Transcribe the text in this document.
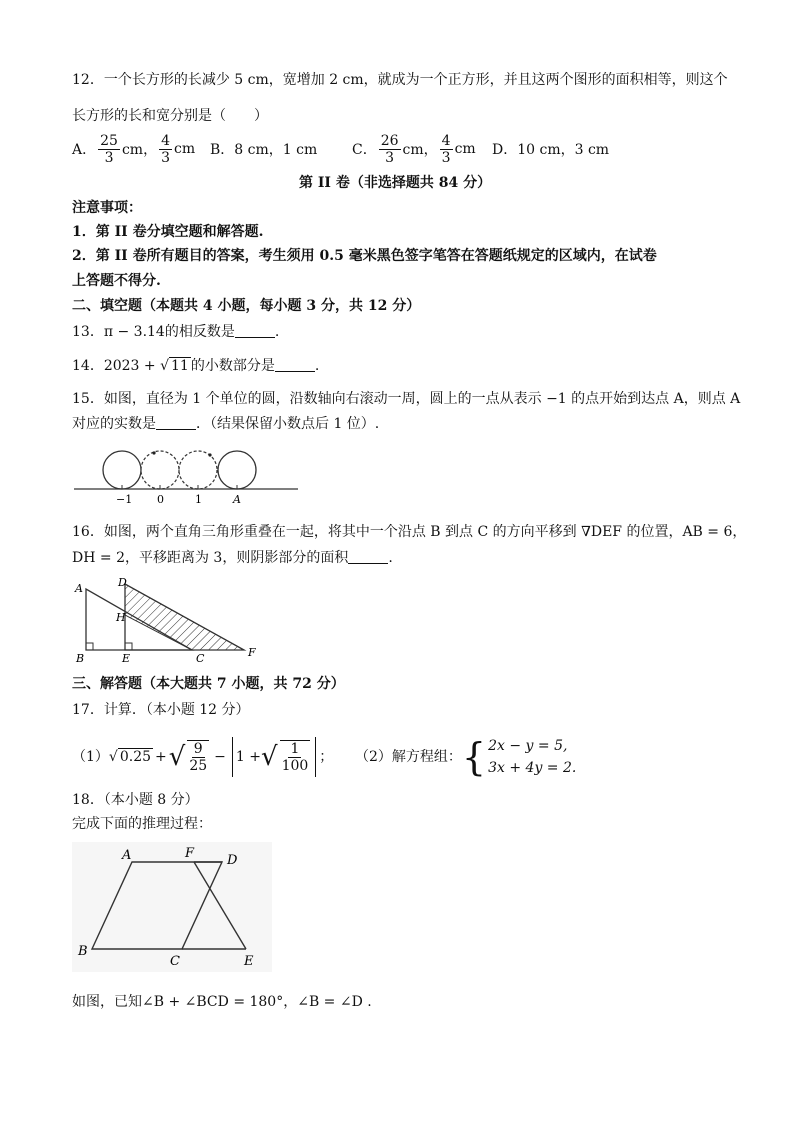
12．一个长方形的长减少 5 cm，宽增加 2 cm，就成为一个正方形，并且这两个图形的面积相等，则这个
长方形的长和宽分别是（　　）
A． $\frac{25}{3}$ cm， $\frac{4}{3}$ cm B．8 cm，1 cm C． $\frac{26}{3}$ cm， $\frac{4}{3}$ cm D．10 cm，3 cm
第 II 卷（非选择题共 84 分）
注意事项：
1．第 II 卷分填空题和解答题.
2．第 II 卷所有题目的答案，考生须用 0.5 毫米黑色签字笔答在答题纸规定的区域内，在试卷
上答题不得分.
二、填空题（本题共 4 小题，每小题 3 分，共 12 分）
13．π − 3.14的相反数是	.
14．2023 + √ 11 的小数部分是	.
15．如图，直径为 1 个单位的圆，沿数轴向右滚动一周，圆上的一点从表示 −1 的点开始到达点 A，则点 A
对应的实数是	．（结果保留小数点后 1 位）.
−1 0	1	A
16．如图，两个直角三角形重叠在一起，将其中一个沿点 B 到点 C 的方向平移到 ∇DEF 的位置，AB = 6，
DH = 2，平移距离为 3，则阴影部分的面积	.
A	D
H
B	E	C	F
三、解答题（本大题共 7 小题，共 72 分）
17．计算．（本小题 12 分）
（1） √ 0.25 + √ $\frac{9}{25} - 1$ + √ $\frac{1}{100}$ ； （2）解方程组： { 2x − y = 5,
3x + 4y = 2.
18．（本小题 8 分）
完成下面的推理过程：
A	F	D
B
C	E
如图，已知∠B + ∠BCD = 180°，∠B = ∠D .
